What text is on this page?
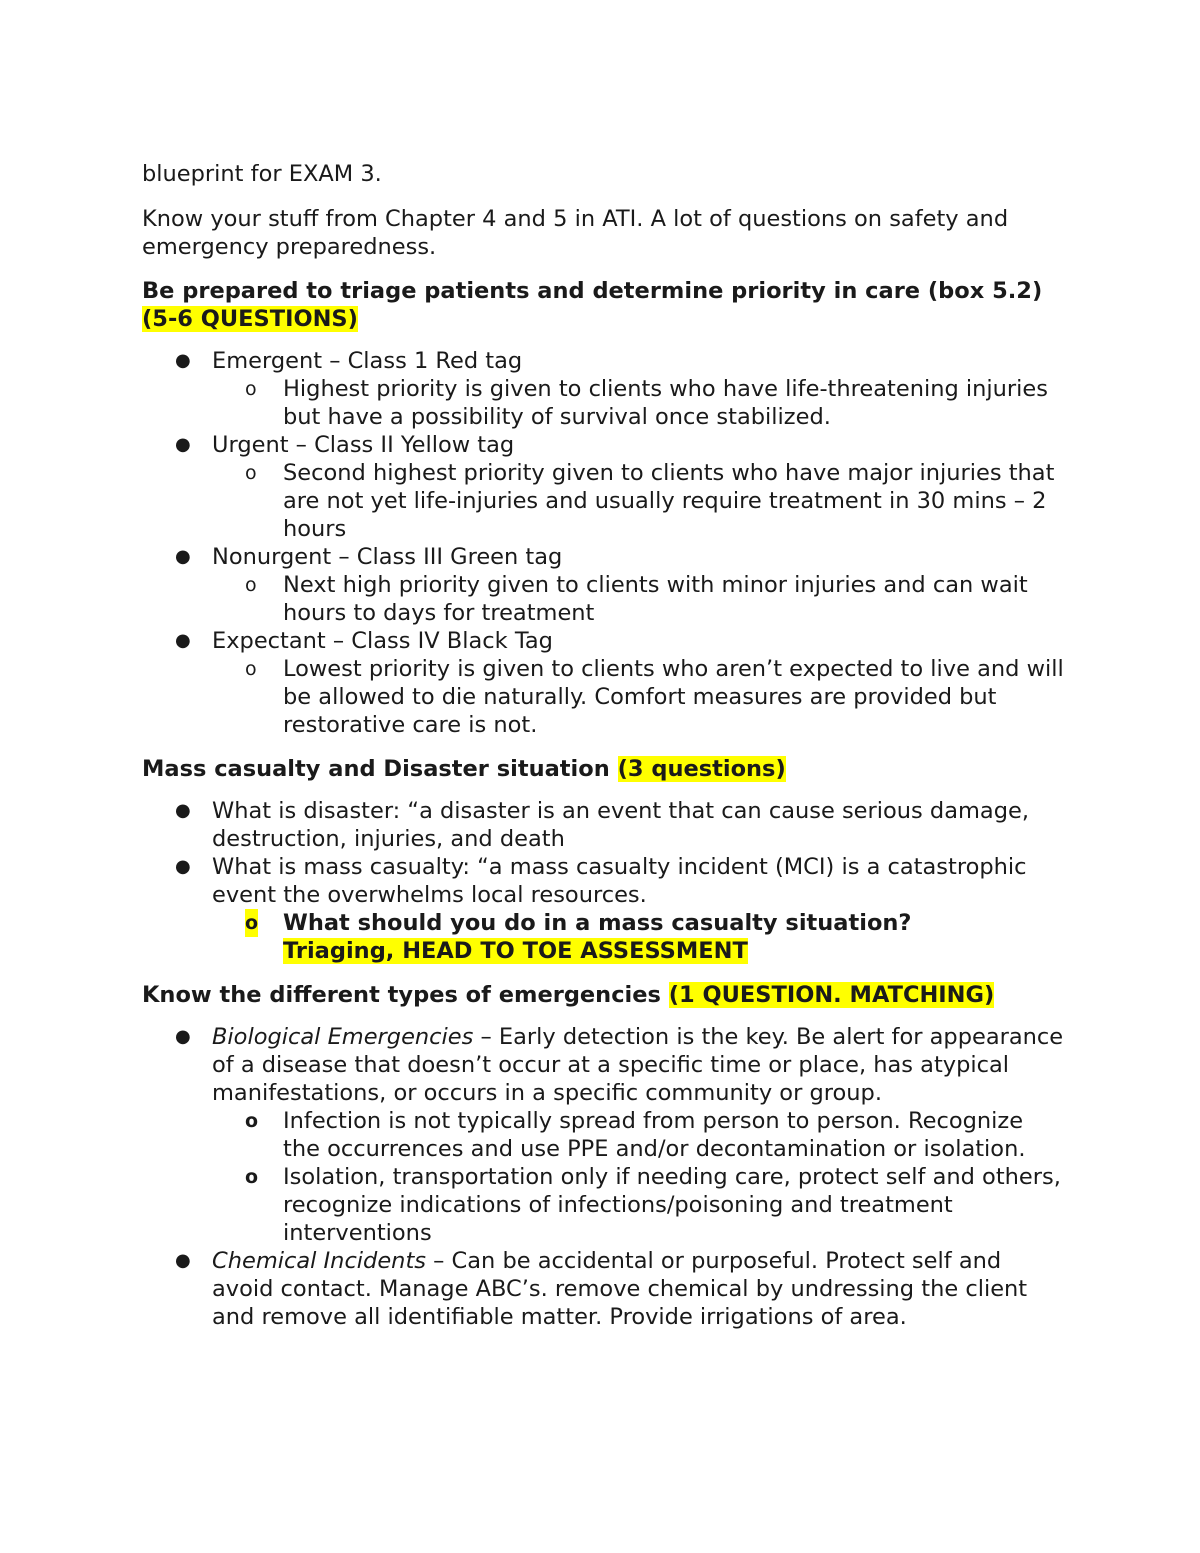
blueprint for EXAM 3.

Know your stuff from Chapter 4 and 5 in ATI. A lot of questions on safety and emergency preparedness.

Be prepared to triage patients and determine priority in care (box 5.2) (5-6 QUESTIONS)
● Emergent – Class 1 Red tag
o Highest priority is given to clients who have life-threatening injuries but have a possibility of survival once stabilized.
● Urgent – Class II Yellow tag
o Second highest priority given to clients who have major injuries that are not yet life-injuries and usually require treatment in 30 mins – 2 hours
● Nonurgent – Class III Green tag
o Next high priority given to clients with minor injuries and can wait hours to days for treatment
● Expectant – Class IV Black Tag
o Lowest priority is given to clients who aren’t expected to live and will be allowed to die naturally. Comfort measures are provided but restorative care is not.
Mass casualty and Disaster situation (3 questions)
● What is disaster: “a disaster is an event that can cause serious damage, destruction, injuries, and death
● What is mass casualty: “a mass casualty incident (MCI) is a catastrophic event the overwhelms local resources.
o What should you do in a mass casualty situation?
Triaging, HEAD TO TOE ASSESSMENT
Know the different types of emergencies (1 QUESTION. MATCHING)
● Biological Emergencies – Early detection is the key. Be alert for appearance of a disease that doesn’t occur at a specific time or place, has atypical manifestations, or occurs in a specific community or group.
o Infection is not typically spread from person to person. Recognize the occurrences and use PPE and/or decontamination or isolation.
o Isolation, transportation only if needing care, protect self and others, recognize indications of infections/poisoning and treatment interventions
● Chemical Incidents – Can be accidental or purposeful. Protect self and avoid contact. Manage ABC’s. remove chemical by undressing the client and remove all identifiable matter. Provide irrigations of area.
